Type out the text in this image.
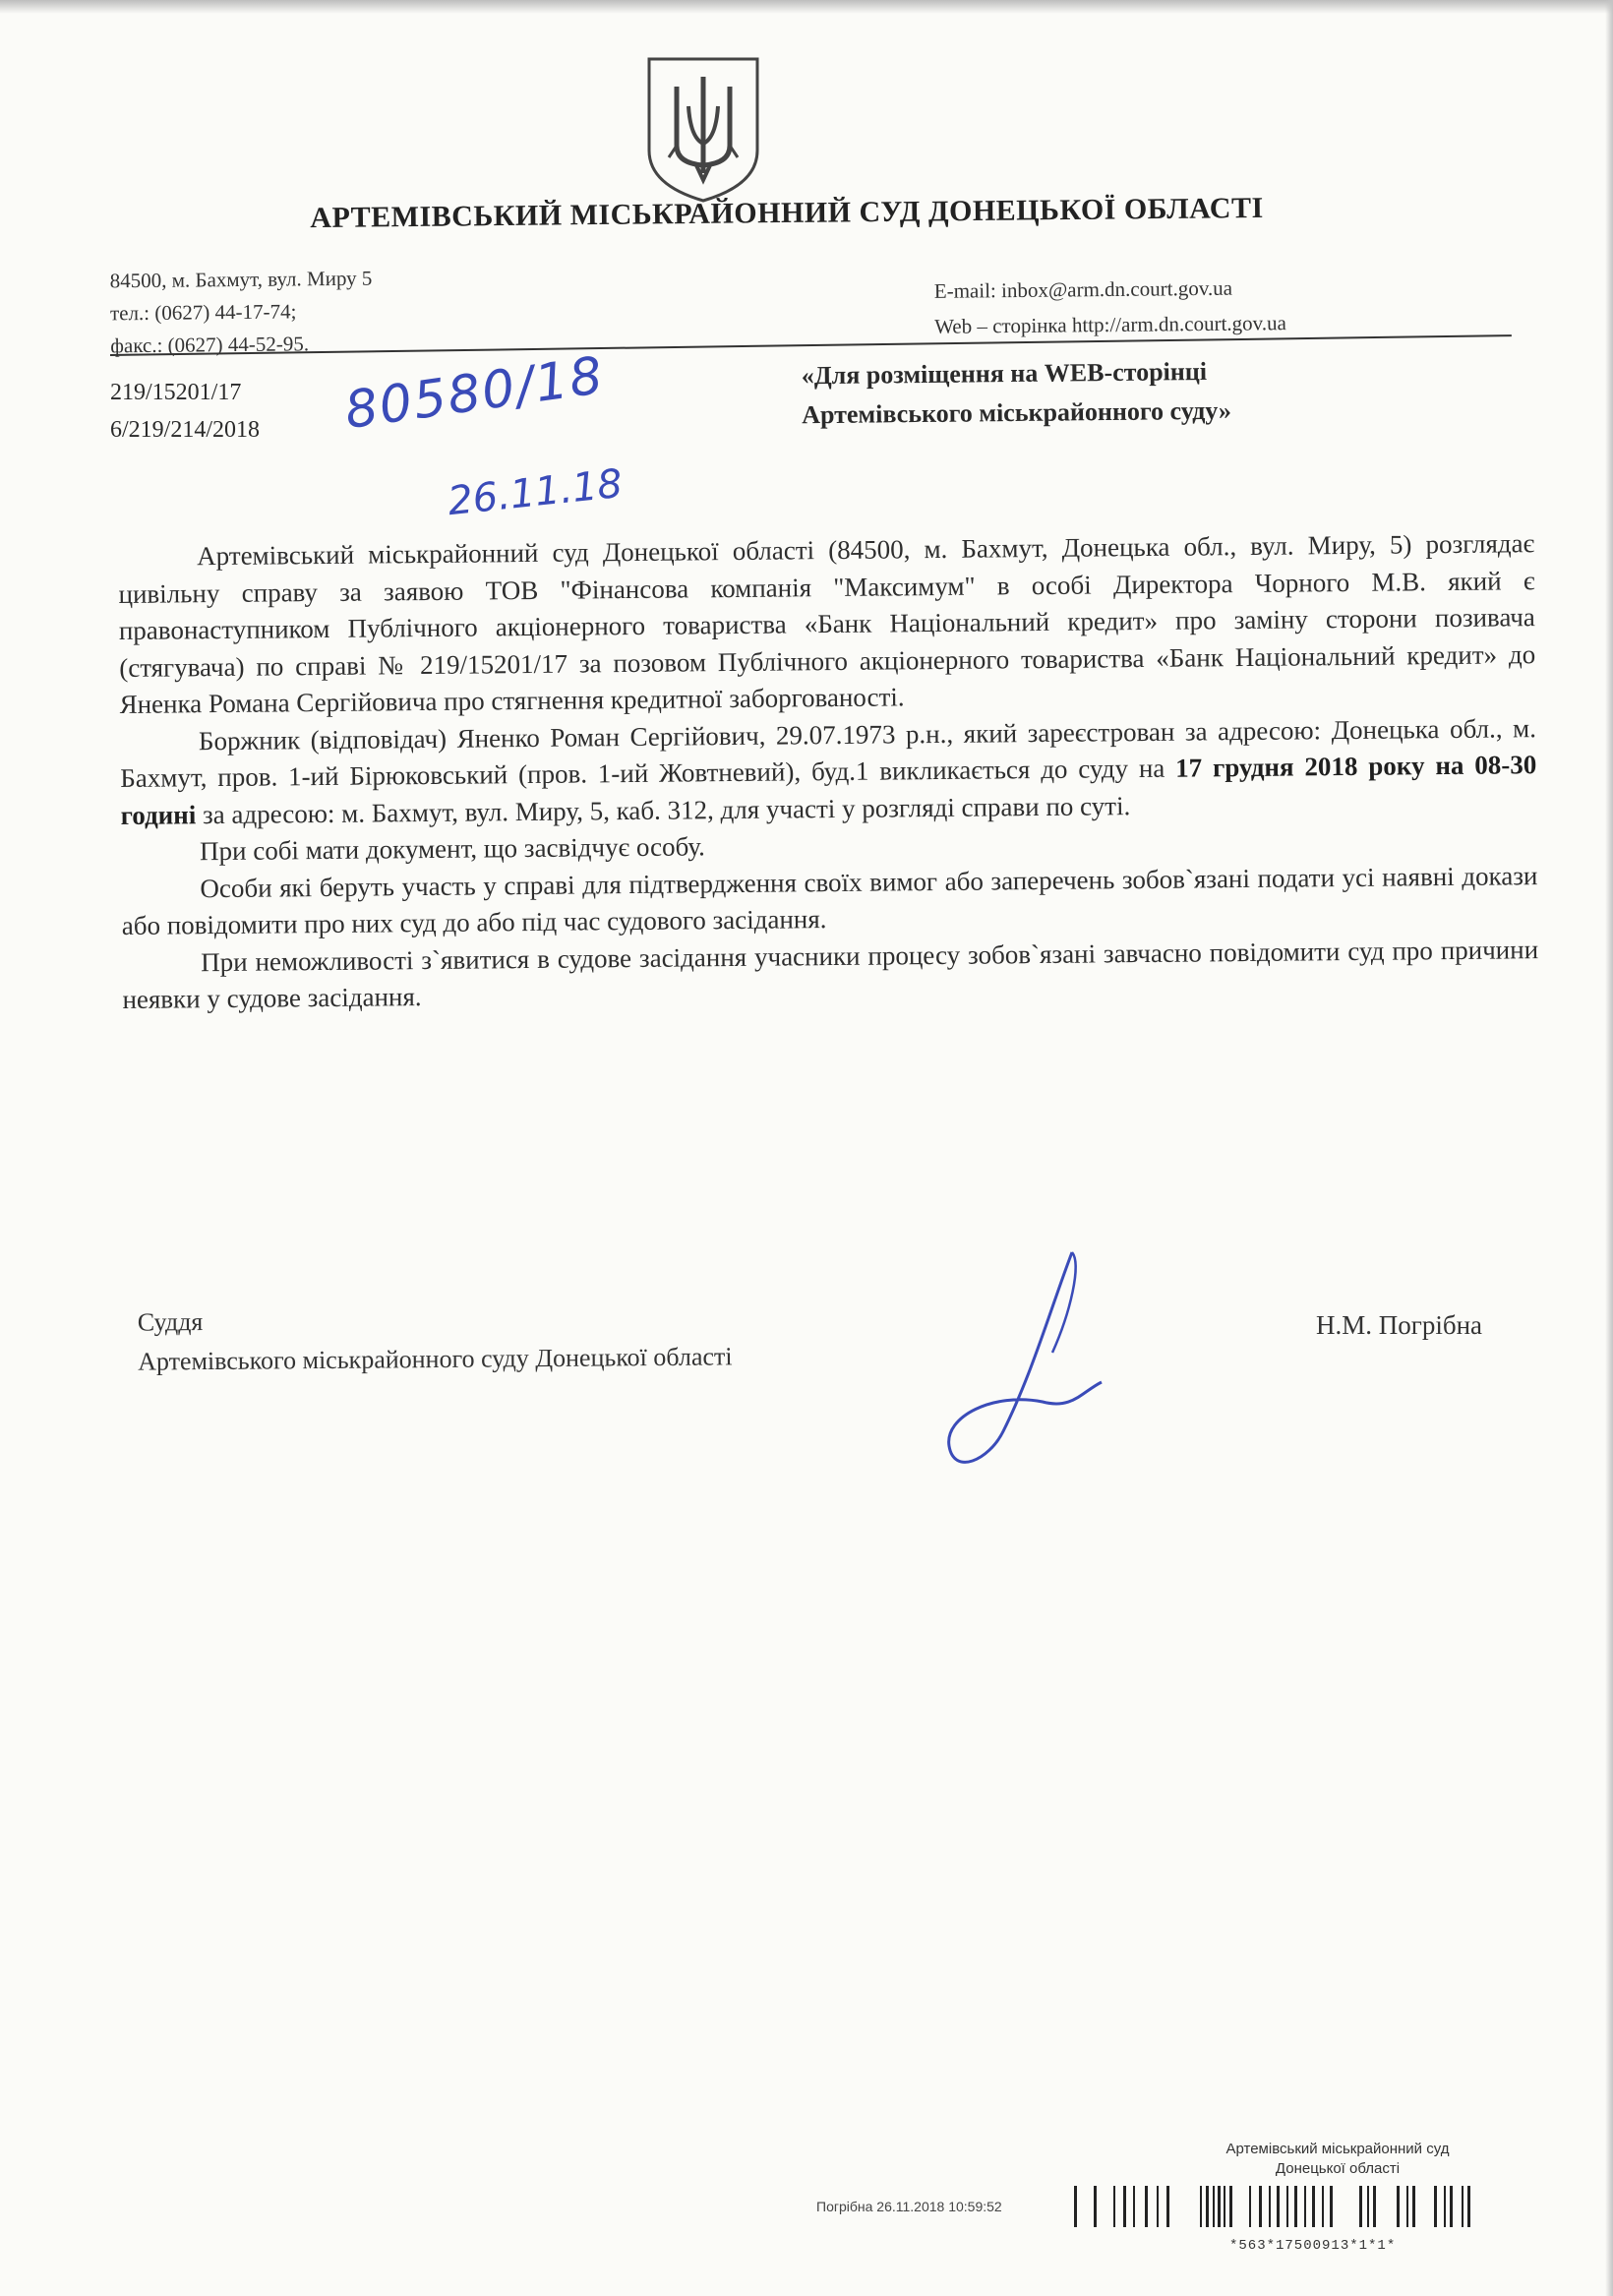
АРТЕМІВСЬКИЙ МІСЬКРАЙОННИЙ СУД ДОНЕЦЬКОЇ ОБЛАСТІ
84500, м. Бахмут, вул. Миру 5
тел.: (0627) 44-17-74;
факс.: (0627) 44-52-95.
E-mail: inbox@arm.dn.court.gov.ua
Web – сторінка http://arm.dn.court.gov.ua
219/15201/17
6/219/214/2018 80580/18
26.11.18
«Для розміщення на WEB-сторінці
Артемівського міськрайонного суду»

Артемівський міськрайонний суд Донецької області (84500, м. Бахмут, Донецька обл., вул. Миру, 5) розглядає цивільну справу за заявою ТОВ "Фінансова компанія "Максимум" в особі Директора Чорного М.В. який є правонаступником Публічного акціонерного товариства «Банк Національний кредит» про заміну сторони позивача (стягувача) по справі № 219/15201/17 за позовом Публічного акціонерного товариства «Банк Національний кредит» до Яненка Романа Сергійовича про стягнення кредитної заборгованості.

Боржник (відповідач) Яненко Роман Сергійович, 29.07.1973 р.н., який зареєстрован за адресою: Донецька обл., м. Бахмут, пров. 1-ий Бірюковський (пров. 1-ий Жовтневий), буд.1 викликається до суду на 17 грудня 2018 року на 08-30 годині за адресою: м. Бахмут, вул. Миру, 5, каб. 312, для участі у розгляді справи по суті.

При собі мати документ, що засвідчує особу.

Особи які беруть участь у справі для підтвердження своїх вимог або заперечень зобов`язані подати усі наявні докази або повідомити про них суд до або під час судового засідання.

При неможливості з`явитися в судове засідання учасники процесу зобов`язані завчасно повідомити суд про причини неявки у судове засідання.

Суддя
Артемівського міськрайонного суду Донецької області
Н.М. Погрібна
Артемівський міськрайонний суд
Донецької області
Погрібна 26.11.2018 10:59:52
*563*17500913*1*1*
